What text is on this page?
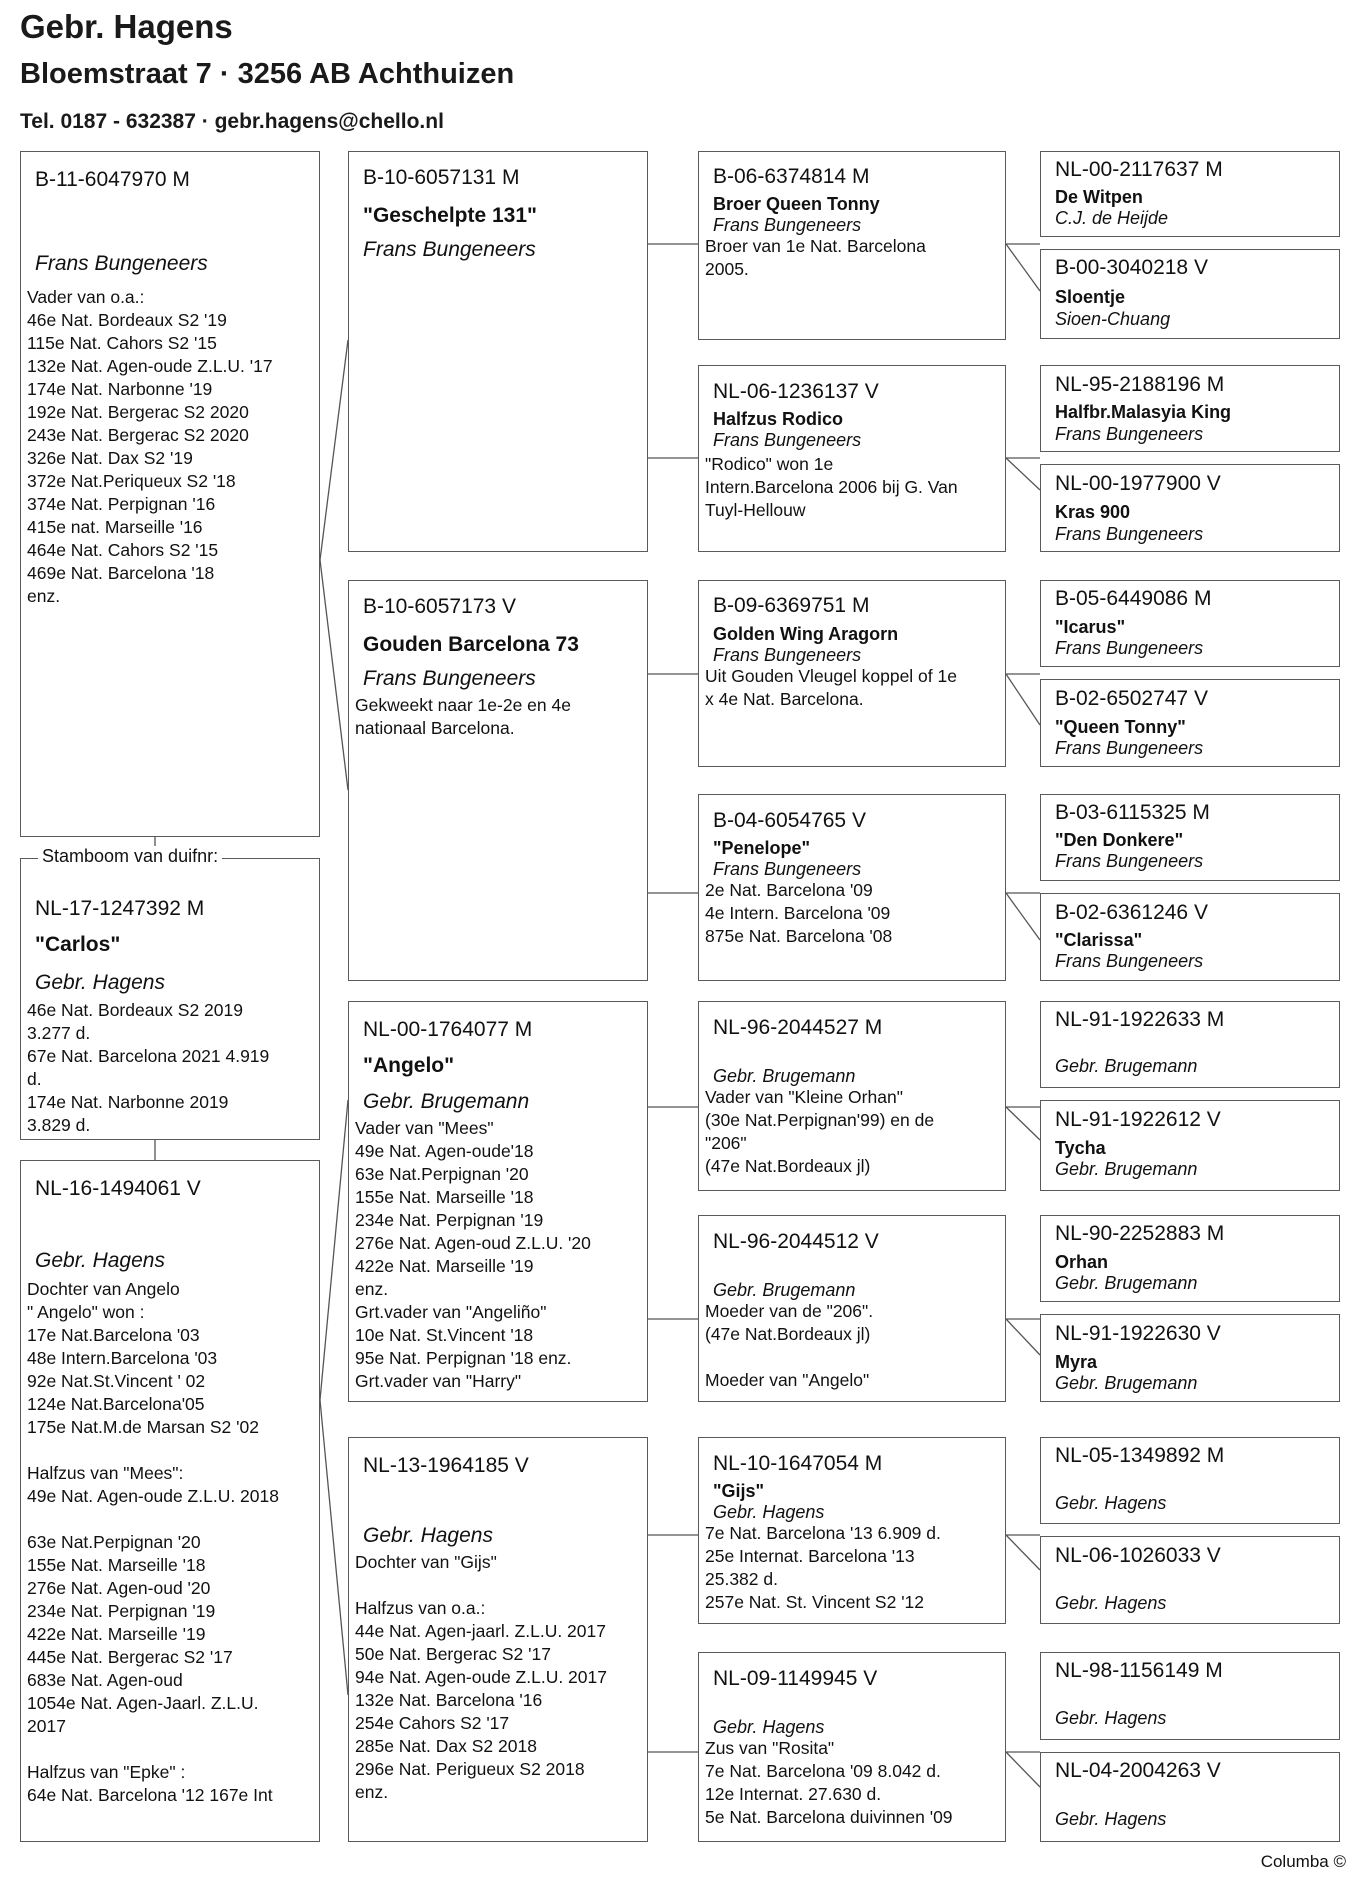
Gebr. Hagens
Bloemstraat 7 · 3256 AB Achthuizen
Tel. 0187 - 632387 · gebr.hagens@chello.nl
B-11-6047970 M
Frans Bungeneers
Vader van o.a.:
46e Nat. Bordeaux S2 '19
115e Nat. Cahors S2 '15
132e Nat. Agen-oude Z.L.U. '17
174e Nat. Narbonne '19
192e Nat. Bergerac S2 2020
243e Nat. Bergerac S2 2020
326e Nat. Dax S2 '19
372e Nat.Periqueux S2 '18
374e Nat. Perpignan '16
415e nat. Marseille '16
464e Nat. Cahors S2 '15
469e Nat. Barcelona '18
enz.
NL-17-1247392 M
"Carlos"
Gebr. Hagens
46e Nat. Bordeaux S2 2019
3.277 d.
67e Nat. Barcelona 2021 4.919
d.
174e Nat. Narbonne 2019
3.829 d.
Stamboom van duifnr:
NL-16-1494061 V
Gebr. Hagens
Dochter van Angelo
" Angelo" won :
17e Nat.Barcelona '03
48e Intern.Barcelona '03
92e Nat.St.Vincent ' 02
124e Nat.Barcelona'05
175e Nat.M.de Marsan S2 '02
Halfzus van "Mees":
49e Nat. Agen-oude Z.L.U. 2018
63e Nat.Perpignan '20
155e Nat. Marseille '18
276e Nat. Agen-oud '20
234e Nat. Perpignan '19
422e Nat. Marseille '19
445e Nat. Bergerac S2 '17
683e Nat. Agen-oud
1054e Nat. Agen-Jaarl. Z.L.U.
2017
Halfzus van "Epke" :
64e Nat. Barcelona '12 167e Int
B-10-6057131 M
"Geschelpte 131"
Frans Bungeneers
B-10-6057173 V
Gouden Barcelona 73
Frans Bungeneers
Gekweekt naar 1e-2e en 4e
nationaal Barcelona.
NL-00-1764077 M
"Angelo"
Gebr. Brugemann
Vader van "Mees"
49e Nat. Agen-oude'18
63e Nat.Perpignan '20
155e Nat. Marseille '18
234e Nat. Perpignan '19
276e Nat. Agen-oud Z.L.U. '20
422e Nat. Marseille '19
enz.
Grt.vader van "Angeliño"
10e Nat. St.Vincent '18
95e Nat. Perpignan '18 enz.
Grt.vader van "Harry"
NL-13-1964185 V
Gebr. Hagens
Dochter van "Gijs"
Halfzus van o.a.:
44e Nat. Agen-jaarl. Z.L.U. 2017
50e Nat. Bergerac S2 '17
94e Nat. Agen-oude Z.L.U. 2017
132e Nat. Barcelona '16
254e Cahors S2 '17
285e Nat. Dax S2 2018
296e Nat. Perigueux S2 2018
enz.
B-06-6374814 M
Broer Queen Tonny
Frans Bungeneers
Broer van 1e Nat. Barcelona
2005.
NL-06-1236137 V
Halfzus Rodico
Frans Bungeneers
"Rodico" won 1e
Intern.Barcelona 2006 bij G. Van
Tuyl-Hellouw
B-09-6369751 M
Golden Wing Aragorn
Frans Bungeneers
Uit Gouden Vleugel koppel of 1e
x 4e Nat. Barcelona.
B-04-6054765 V
"Penelope"
Frans Bungeneers
2e Nat. Barcelona '09
4e Intern. Barcelona '09
875e Nat. Barcelona '08
NL-96-2044527 M
Gebr. Brugemann
Vader van "Kleine Orhan"
(30e Nat.Perpignan'99) en de
"206"
(47e Nat.Bordeaux jl)
NL-96-2044512 V
Gebr. Brugemann
Moeder van de "206".
(47e Nat.Bordeaux jl)
Moeder van "Angelo"
NL-10-1647054 M
"Gijs"
Gebr. Hagens
7e Nat. Barcelona '13 6.909 d.
25e Internat. Barcelona '13
25.382 d.
257e Nat. St. Vincent S2 '12
NL-09-1149945 V
Gebr. Hagens
Zus van "Rosita"
7e Nat. Barcelona '09 8.042 d.
12e Internat. 27.630 d.
5e Nat. Barcelona duivinnen '09
NL-00-2117637 M
De Witpen
C.J. de Heijde
B-00-3040218 V
Sloentje
Sioen-Chuang
NL-95-2188196 M
Halfbr.Malasyia King
Frans Bungeneers
NL-00-1977900 V
Kras 900
Frans Bungeneers
B-05-6449086 M
"Icarus"
Frans Bungeneers
B-02-6502747 V
"Queen Tonny"
Frans Bungeneers
B-03-6115325 M
"Den Donkere"
Frans Bungeneers
B-02-6361246 V
"Clarissa"
Frans Bungeneers
NL-91-1922633 M
Gebr. Brugemann
NL-91-1922612 V
Tycha
Gebr. Brugemann
NL-90-2252883 M
Orhan
Gebr. Brugemann
NL-91-1922630 V
Myra
Gebr. Brugemann
NL-05-1349892 M
Gebr. Hagens
NL-06-1026033 V
Gebr. Hagens
NL-98-1156149 M
Gebr. Hagens
NL-04-2004263 V
Gebr. Hagens
Columba ©
